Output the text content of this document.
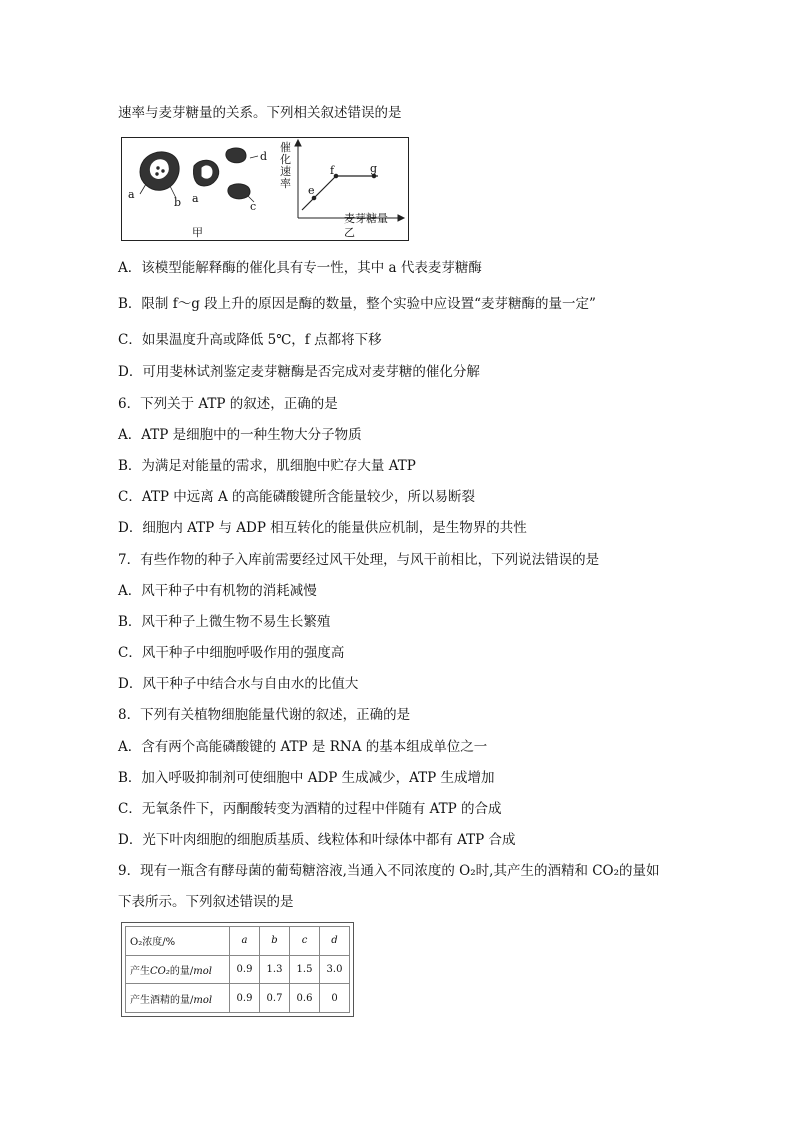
速率与麦芽糖量的关系。下列相关叙述错误的是
a
b a
c
d
甲	乙
催化速率
麦芽糖量
e
f	g
A．该模型能解释酶的催化具有专一性，其中 a 代表麦芽糖酶
B．限制 f～g 段上升的原因是酶的数量，整个实验中应设置“麦芽糖酶的量一定”
C．如果温度升高或降低 5℃，f 点都将下移
D．可用斐林试剂鉴定麦芽糖酶是否完成对麦芽糖的催化分解
6．下列关于 ATP 的叙述，正确的是
A．ATP 是细胞中的一种生物大分子物质
B．为满足对能量的需求，肌细胞中贮存大量 ATP
C．ATP 中远离 A 的高能磷酸键所含能量较少，所以易断裂
D．细胞内 ATP 与 ADP 相互转化的能量供应机制，是生物界的共性
7．有些作物的种子入库前需要经过风干处理，与风干前相比，下列说法错误的是
A．风干种子中有机物的消耗减慢
B．风干种子上微生物不易生长繁殖
C．风干种子中细胞呼吸作用的强度高
D．风干种子中结合水与自由水的比值大
8．下列有关植物细胞能量代谢的叙述，正确的是
A．含有两个高能磷酸键的 ATP 是 RNA 的基本组成单位之一
B．加入呼吸抑制剂可使细胞中 ADP 生成减少，ATP 生成增加
C．无氧条件下，丙酮酸转变为酒精的过程中伴随有 ATP 的合成
D．光下叶肉细胞的细胞质基质、线粒体和叶绿体中都有 ATP 合成
9．现有一瓶含有酵母菌的葡萄糖溶液,当通入不同浓度的 O₂时,其产生的酒精和 CO₂的量如
下表所示。下列叙述错误的是
O₂浓度/%	a	b	c	d
产生CO₂的量/mol	0.9	1.3	1.5	3.0
产生酒精的量/mol	0.9	0.7	0.6	0
